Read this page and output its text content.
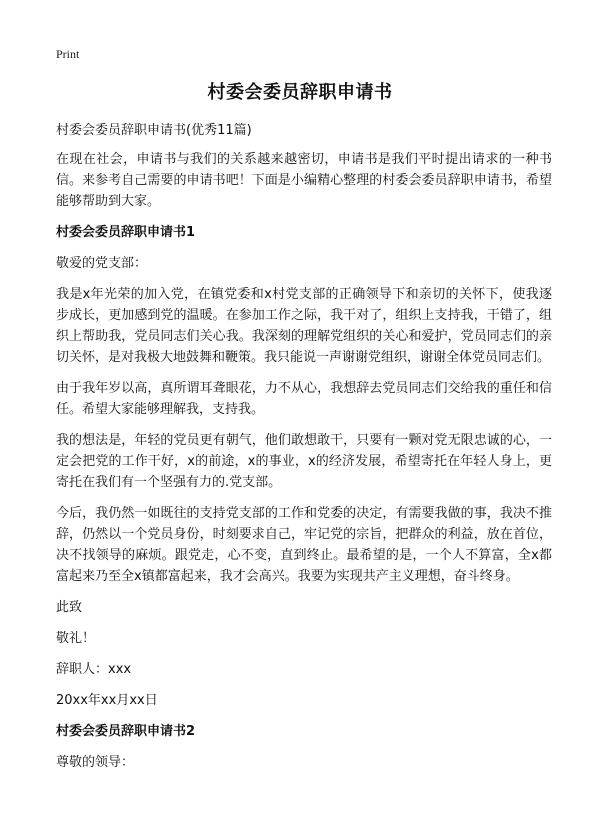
Print
村委会委员辞职申请书
村委会委员辞职申请书(优秀11篇)
在现在社会，申请书与我们的关系越来越密切，申请书是我们平时提出请求的一种书信。来参考自己需要的申请书吧！下面是小编精心整理的村委会委员辞职申请书，希望能够帮助到大家。
村委会委员辞职申请书1
敬爱的党支部：
我是x年光荣的加入党，在镇党委和x村党支部的正确领导下和亲切的关怀下，使我逐步成长，更加感到党的温暖。在参加工作之际，我干对了，组织上支持我，干错了，组织上帮助我，党员同志们关心我。我深刻的理解党组织的关心和爱护，党员同志们的亲切关怀，是对我极大地鼓舞和鞭策。我只能说一声谢谢党组织，谢谢全体党员同志们。
由于我年岁以高，真所谓耳聋眼花，力不从心，我想辞去党员同志们交给我的重任和信任。希望大家能够理解我，支持我。
我的想法是，年轻的党员更有朝气，他们敢想敢干，只要有一颗对党无限忠诚的心，一定会把党的工作干好，x的前途，x的事业，x的经济发展，希望寄托在年轻人身上，更寄托在我们有一个坚强有力的.党支部。
今后，我仍然一如既往的支持党支部的工作和党委的决定，有需要我做的事，我决不推辞，仍然以一个党员身份，时刻要求自己，牢记党的宗旨，把群众的利益，放在首位，决不找领导的麻烦。跟党走，心不变，直到终止。最希望的是，一个人不算富，全x都富起来乃至全x镇都富起来，我才会高兴。我要为实现共产主义理想，奋斗终身。
此致
敬礼！
辞职人：xxx
20xx年xx月xx日
村委会委员辞职申请书2
尊敬的领导：
